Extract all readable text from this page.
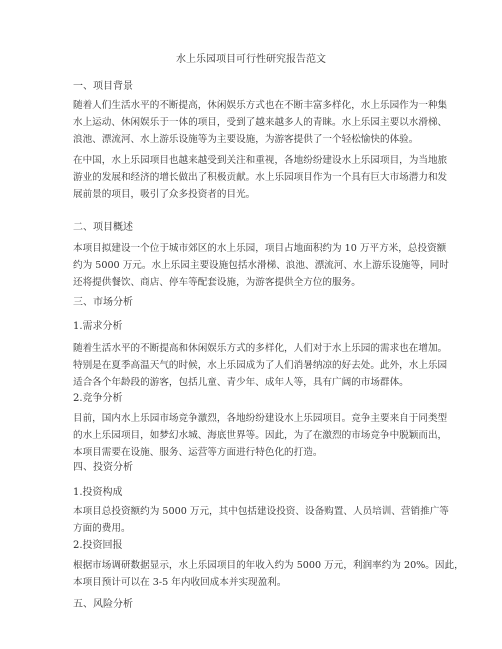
水上乐园项目可行性研究报告范文
一、项目背景
随着人们生活水平的不断提高，休闲娱乐方式也在不断丰富多样化，水上乐园作为一种集
水上运动、休闲娱乐于一体的项目，受到了越来越多人的青睐。水上乐园主要以水滑梯、
浪池、漂流河、水上游乐设施等为主要设施，为游客提供了一个轻松愉快的体验。
在中国，水上乐园项目也越来越受到关注和重视，各地纷纷建设水上乐园项目，为当地旅
游业的发展和经济的增长做出了积极贡献。水上乐园项目作为一个具有巨大市场潜力和发
展前景的项目，吸引了众多投资者的目光。
二、项目概述
本项目拟建设一个位于城市郊区的水上乐园，项目占地面积约为 10 万平方米，总投资额
约为 5000 万元。水上乐园主要设施包括水滑梯、浪池、漂流河、水上游乐设施等，同时
还将提供餐饮、商店、停车等配套设施，为游客提供全方位的服务。
三、市场分析
1.需求分析
随着生活水平的不断提高和休闲娱乐方式的多样化，人们对于水上乐园的需求也在增加。
特别是在夏季高温天气的时候，水上乐园成为了人们消暑纳凉的好去处。此外，水上乐园
适合各个年龄段的游客，包括儿童、青少年、成年人等，具有广阔的市场群体。
2.竞争分析
目前，国内水上乐园市场竞争激烈，各地纷纷建设水上乐园项目。竞争主要来自于同类型
的水上乐园项目，如梦幻水城、海底世界等。因此，为了在激烈的市场竞争中脱颖而出，
本项目需要在设施、服务、运营等方面进行特色化的打造。
四、投资分析
1.投资构成
本项目总投资额约为 5000 万元，其中包括建设投资、设备购置、人员培训、营销推广等
方面的费用。
2.投资回报
根据市场调研数据显示，水上乐园项目的年收入约为 5000 万元，利润率约为 20%。因此，
本项目预计可以在 3-5 年内收回成本并实现盈利。
五、风险分析
